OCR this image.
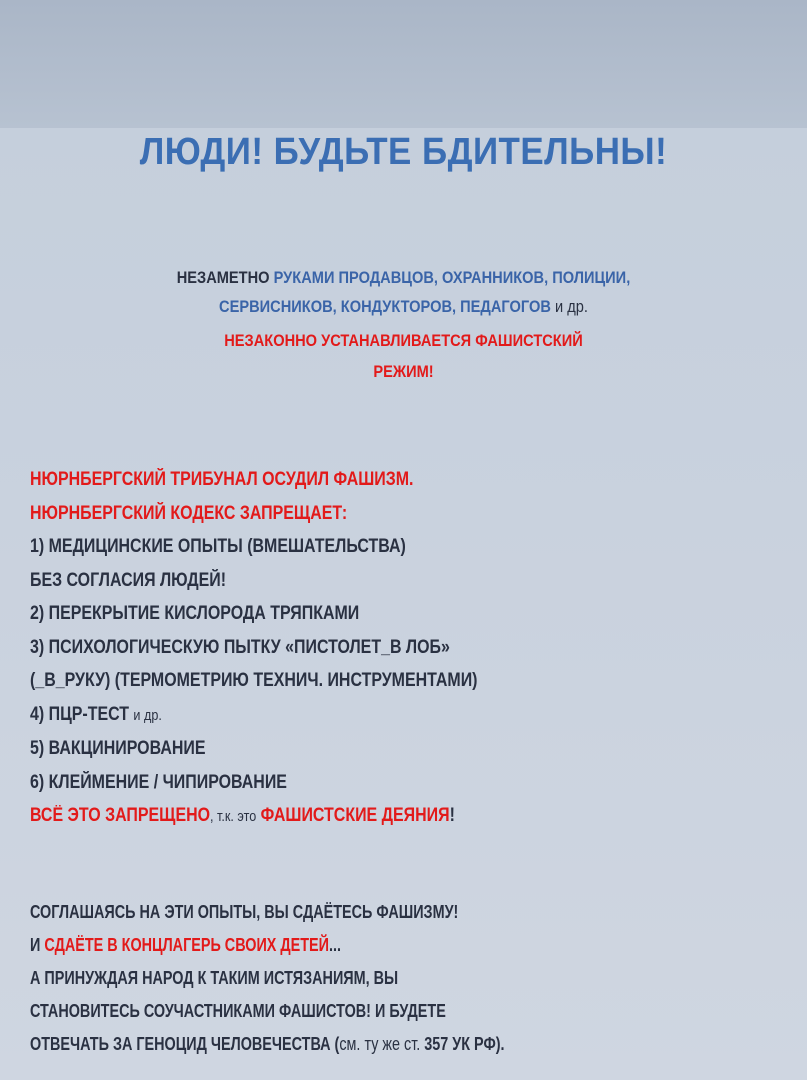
ЛЮДИ! БУДЬТЕ БДИТЕЛЬНЫ!
НЕЗАМЕТНО РУКАМИ ПРОДАВЦОВ, ОХРАННИКОВ, ПОЛИЦИИ,
СЕРВИСНИКОВ, КОНДУКТОРОВ, ПЕДАГОГОВ и др.
НЕЗАКОННО УСТАНАВЛИВАЕТСЯ ФАШИСТСКИЙ
РЕЖИМ!
НЮРНБЕРГСКИЙ ТРИБУНАЛ ОСУДИЛ ФАШИЗМ.
НЮРНБЕРГСКИЙ КОДЕКС ЗАПРЕЩАЕТ:
1) МЕДИЦИНСКИЕ ОПЫТЫ (ВМЕШАТЕЛЬСТВА)
БЕЗ СОГЛАСИЯ ЛЮДЕЙ!
2) ПЕРЕКРЫТИЕ КИСЛОРОДА ТРЯПКАМИ
3) ПСИХОЛОГИЧЕСКУЮ ПЫТКУ «ПИСТОЛЕТ_В ЛОБ»
(_В_РУКУ) (ТЕРМОМЕТРИЮ ТЕХНИЧ. ИНСТРУМЕНТАМИ)
4) ПЦР-ТЕСТ и др.
5) ВАКЦИНИРОВАНИЕ
6) КЛЕЙМЕНИЕ / ЧИПИРОВАНИЕ
ВСЁ ЭТО ЗАПРЕЩЕНО, т.к. это ФАШИСТСКИЕ ДЕЯНИЯ!
СОГЛАШАЯСЬ НА ЭТИ ОПЫТЫ, ВЫ СДАЁТЕСЬ ФАШИЗМУ!
И СДАЁТЕ В КОНЦЛАГЕРЬ СВОИХ ДЕТЕЙ...
А ПРИНУЖДАЯ НАРОД К ТАКИМ ИСТЯЗАНИЯМ, ВЫ
СТАНОВИТЕСЬ СОУЧАСТНИКАМИ ФАШИСТОВ! И БУДЕТЕ
ОТВЕЧАТЬ ЗА ГЕНОЦИД ЧЕЛОВЕЧЕСТВА (см. ту же ст. 357 УК РФ).
